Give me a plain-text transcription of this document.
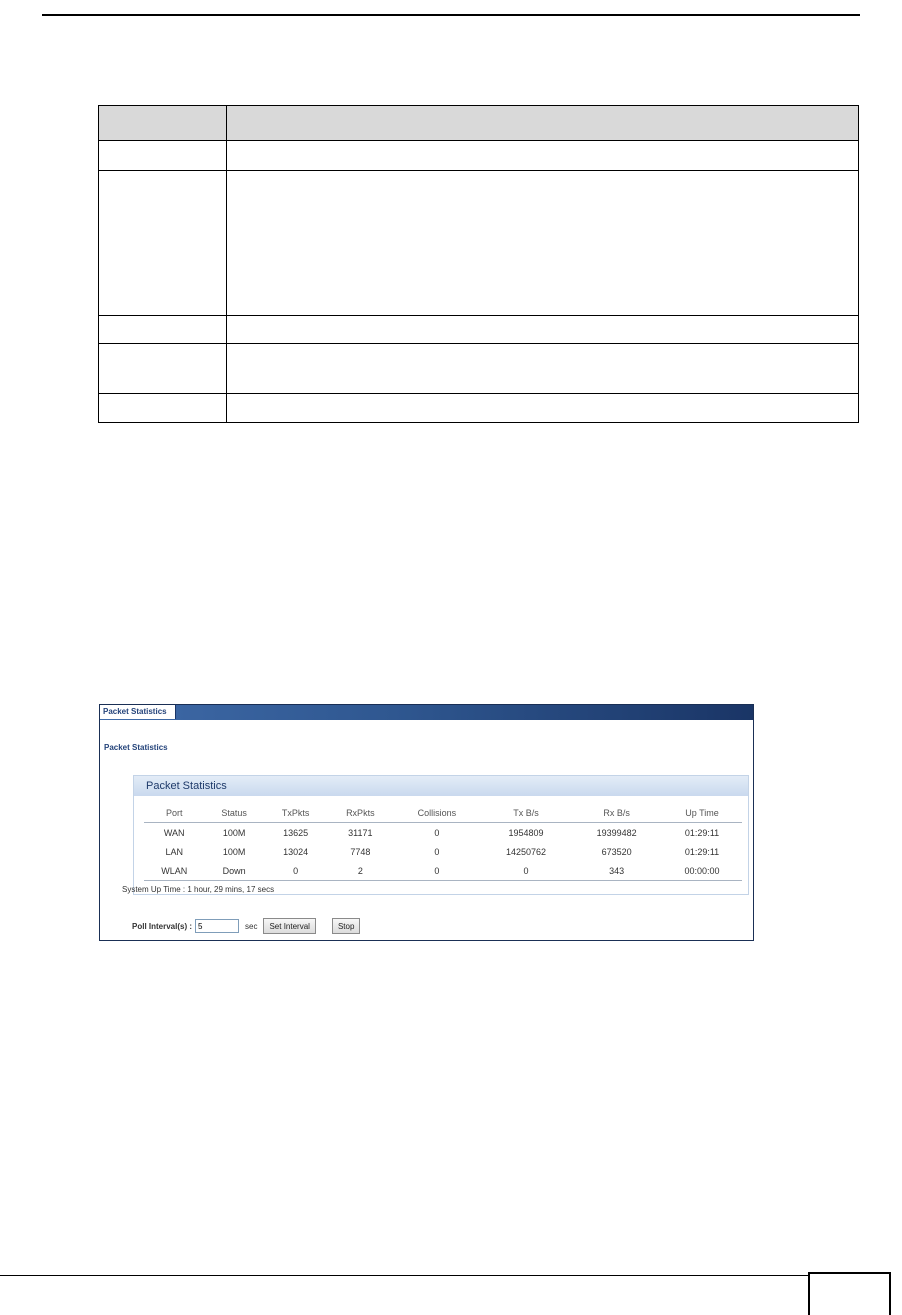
Packet Statistics
Packet Statistics
Packet Statistics
Port	Status	TxPkts	RxPkts	Collisions	Tx B/s	Rx B/s	Up Time
WAN	100M	13625	31171	0	1954809	19399482	01:29:11
LAN	100M	13024	7748	0	14250762	673520	01:29:11
WLAN	Down	0	2	0	0	343	00:00:00
System Up Time : 1 hour, 29 mins, 17 secs
Poll Interval(s) :
5	sec	Set Interval	Stop
